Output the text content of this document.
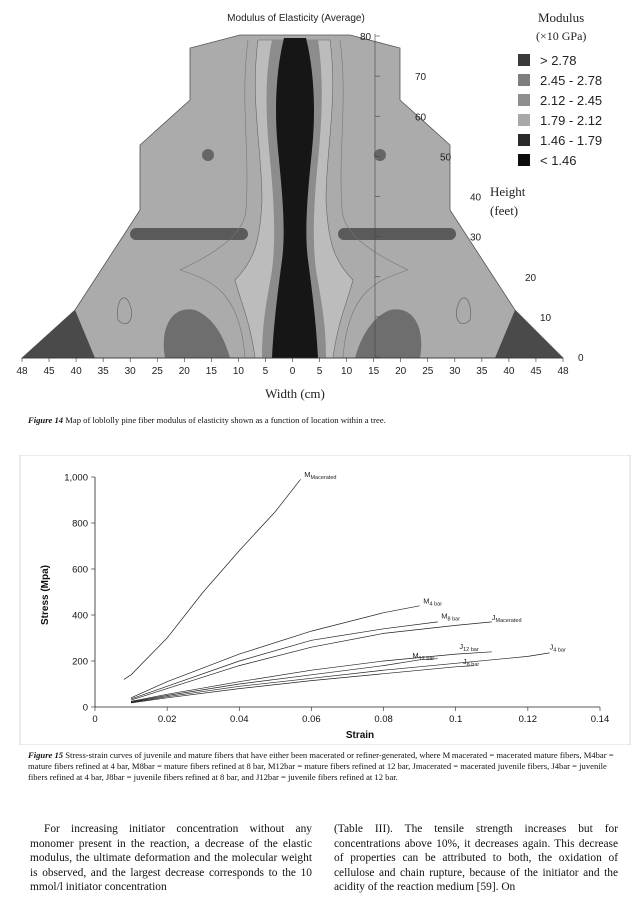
Modulus of Elasticity (Average)
80
70
60
50
40
30
20
10
0
48 45 40 35 30 25 20 15 10 5 0 5 10 15 20 25 30 35 40 45 48
Width (cm)
Height
(feet)
Modulus
(×10 GPa)
> 2.78
2.45 - 2.78
2.12 - 2.45
1.79 - 2.12
1.46 - 1.79
< 1.46
Figure 14 Map of loblolly pine fiber modulus of elasticity shown as a function of location within a tree.
0	0.02	0.04	0.06	0.08	0.1	0.12	0.14
0
200
400
600
800
1,000	$M_{Macerated}$
$M_{4 bar}$
$M_{8 bar}$	$J_{Macerated}$
$J_{12 bar}$
$M_{12 bar}$
$J_{4 bar}$
$J_{8 bar}$
Strain
Stress (Mpa)
Figure 15 Stress-strain curves of juvenile and mature fibers that have either been macerated or refiner-generated, where M macerated = macerated mature fibers, M4bar = mature fibers refined at 4 bar, M8bar = mature fibers refined at 8 bar, M12bar = mature fibers refined at 12 bar, Jmacerated = macerated juvenile fibers, J4bar = juvenile fibers refined at 4 bar, J8bar = juvenile fibers refined at 8 bar, and J12bar = juvenile fibers refined at 12 bar.
For increasing initiator concentration without any monomer present in the reaction, a decrease of the elastic modulus, the ultimate deformation and the molecular weight is observed, and the largest decrease corresponds to the 10 mmol/l initiator concentration
(Table III). The tensile strength increases but for concentrations above 10%, it decreases again. This decrease of properties can be attributed to both, the oxidation of cellulose and chain rupture, because of the initiator and the acidity of the reaction medium [59]. On
